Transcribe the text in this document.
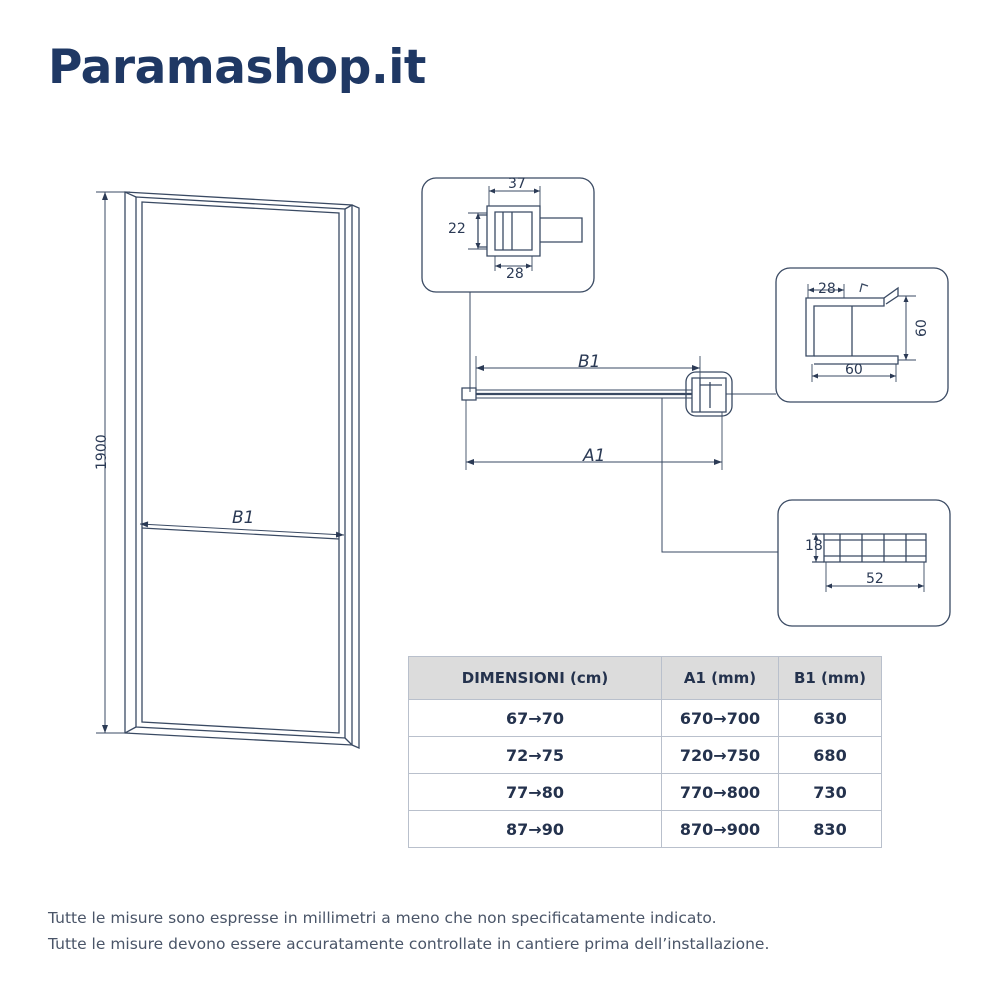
Paramashop.it
1900
B1
37
22
28
B1
A1
28
60
60
18
52
DIMENSIONI (cm)	A1 (mm)	B1 (mm)
67→70	670→700	630
72→75	720→750	680
77→80	770→800	730
87→90	870→900	830
Tutte le misure sono espresse in millimetri a meno che non specificatamente indicato.
Tutte le misure devono essere accuratamente controllate in cantiere prima dell’installazione.
